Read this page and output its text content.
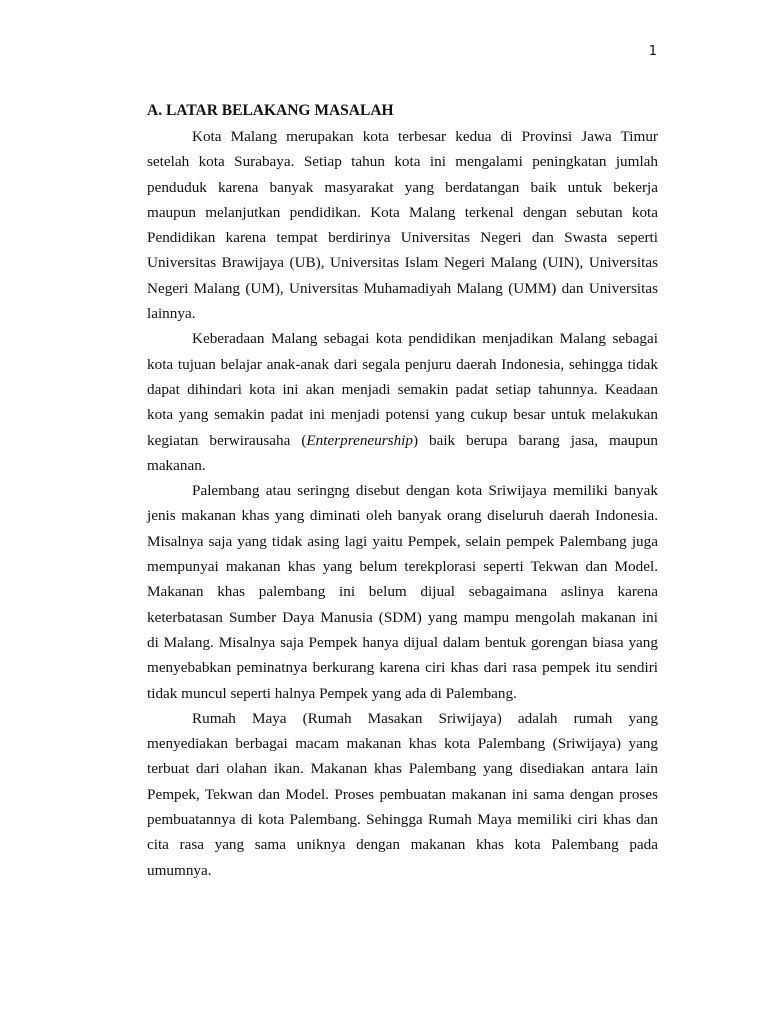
1
A. LATAR BELAKANG MASALAH
Kota Malang merupakan kota terbesar kedua di Provinsi Jawa Timur
setelah kota Surabaya. Setiap tahun kota ini mengalami peningkatan jumlah
penduduk karena banyak masyarakat yang berdatangan baik untuk bekerja
maupun melanjutkan pendidikan. Kota Malang terkenal dengan sebutan kota
Pendidikan karena tempat berdirinya Universitas Negeri dan Swasta seperti
Universitas Brawijaya (UB), Universitas Islam Negeri Malang (UIN), Universitas
Negeri Malang (UM), Universitas Muhamadiyah Malang (UMM) dan Universitas
lainnya.
Keberadaan Malang sebagai kota pendidikan menjadikan Malang sebagai
kota tujuan belajar anak-anak dari segala penjuru daerah Indonesia, sehingga tidak
dapat dihindari kota ini akan menjadi semakin padat setiap tahunnya. Keadaan
kota yang semakin padat ini menjadi potensi yang cukup besar untuk melakukan
kegiatan berwirausaha (Enterpreneurship) baik berupa barang jasa, maupun
makanan.
Palembang atau seringng disebut dengan kota Sriwijaya memiliki banyak
jenis makanan khas yang diminati oleh banyak orang diseluruh daerah Indonesia.
Misalnya saja yang tidak asing lagi yaitu Pempek, selain pempek Palembang juga
mempunyai makanan khas yang belum terekplorasi seperti Tekwan dan Model.
Makanan khas palembang ini belum dijual sebagaimana aslinya karena
keterbatasan Sumber Daya Manusia (SDM) yang mampu mengolah makanan ini
di Malang. Misalnya saja Pempek hanya dijual dalam bentuk gorengan biasa yang
menyebabkan peminatnya berkurang karena ciri khas dari rasa pempek itu sendiri
tidak muncul seperti halnya Pempek yang ada di Palembang.
Rumah Maya (Rumah Masakan Sriwijaya) adalah rumah yang
menyediakan berbagai macam makanan khas kota Palembang (Sriwijaya) yang
terbuat dari olahan ikan. Makanan khas Palembang yang disediakan antara lain
Pempek, Tekwan dan Model. Proses pembuatan makanan ini sama dengan proses
pembuatannya di kota Palembang. Sehingga Rumah Maya memiliki ciri khas dan
cita rasa yang sama uniknya dengan makanan khas kota Palembang pada
umumnya.
